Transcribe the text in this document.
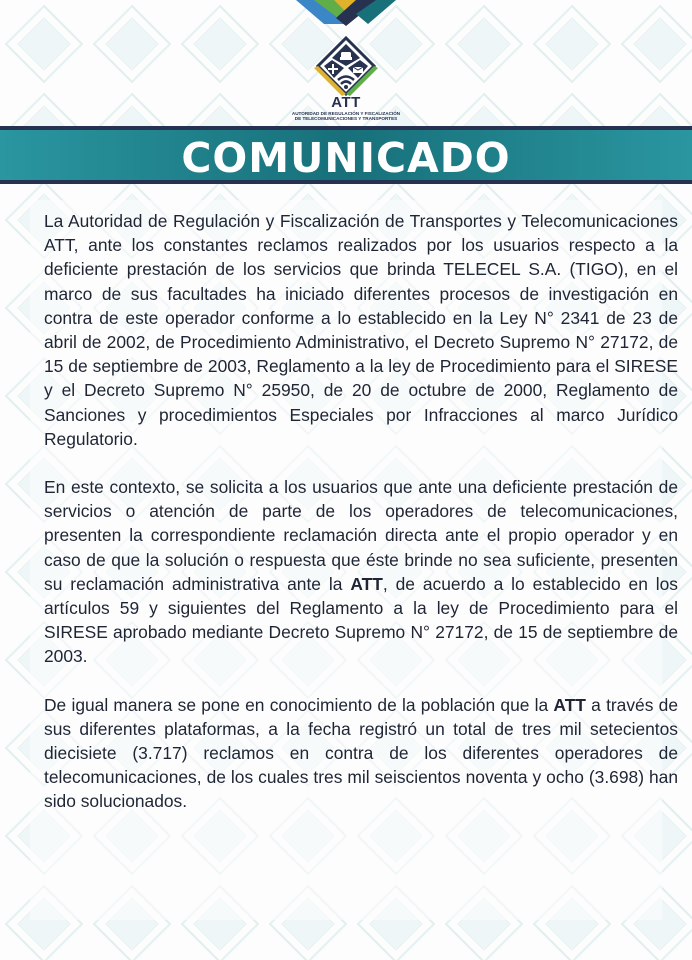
ATT
AUTORIDAD DE REGULACIÓN Y FISCALIZACIÓN
DE TELECOMUNICACIONES Y TRANSPORTES
COMUNICADO

La Autoridad de Regulación y Fiscalización de Transportes y Telecomunicaciones ATT, ante los constantes reclamos realizados por los usuarios respecto a la deficiente prestación de los servicios que brinda TELECEL S.A. (TIGO), en el marco de sus facultades ha iniciado diferentes procesos de investigación en contra de este operador conforme a lo establecido en la Ley N° 2341 de 23 de abril de 2002, de Procedimiento Administrativo, el Decreto Supremo N° 27172, de 15 de septiembre de 2003, Reglamento a la ley de Procedimiento para el SIRESE y el Decreto Supremo N° 25950, de 20 de octubre de 2000, Reglamento de Sanciones y procedimientos Especiales por Infracciones al marco Jurídico Regulatorio.

En este contexto, se solicita a los usuarios que ante una deficiente prestación de servicios o atención de parte de los operadores de telecomunicaciones, presenten la correspondiente reclamación directa ante el propio operador y en caso de que la solución o respuesta que éste brinde no sea suficiente, presenten su reclamación administrativa ante la ATT, de acuerdo a lo establecido en los artículos 59 y siguientes del Reglamento a la ley de Procedimiento para el SIRESE aprobado mediante Decreto Supremo N° 27172, de 15 de septiembre de 2003.

De igual manera se pone en conocimiento de la población que la ATT a través de sus diferentes plataformas, a la fecha registró un total de tres mil setecientos diecisiete (3.717) reclamos en contra de los diferentes operadores de telecomunicaciones, de los cuales tres mil seiscientos noventa y ocho (3.698) han sido solucionados.
